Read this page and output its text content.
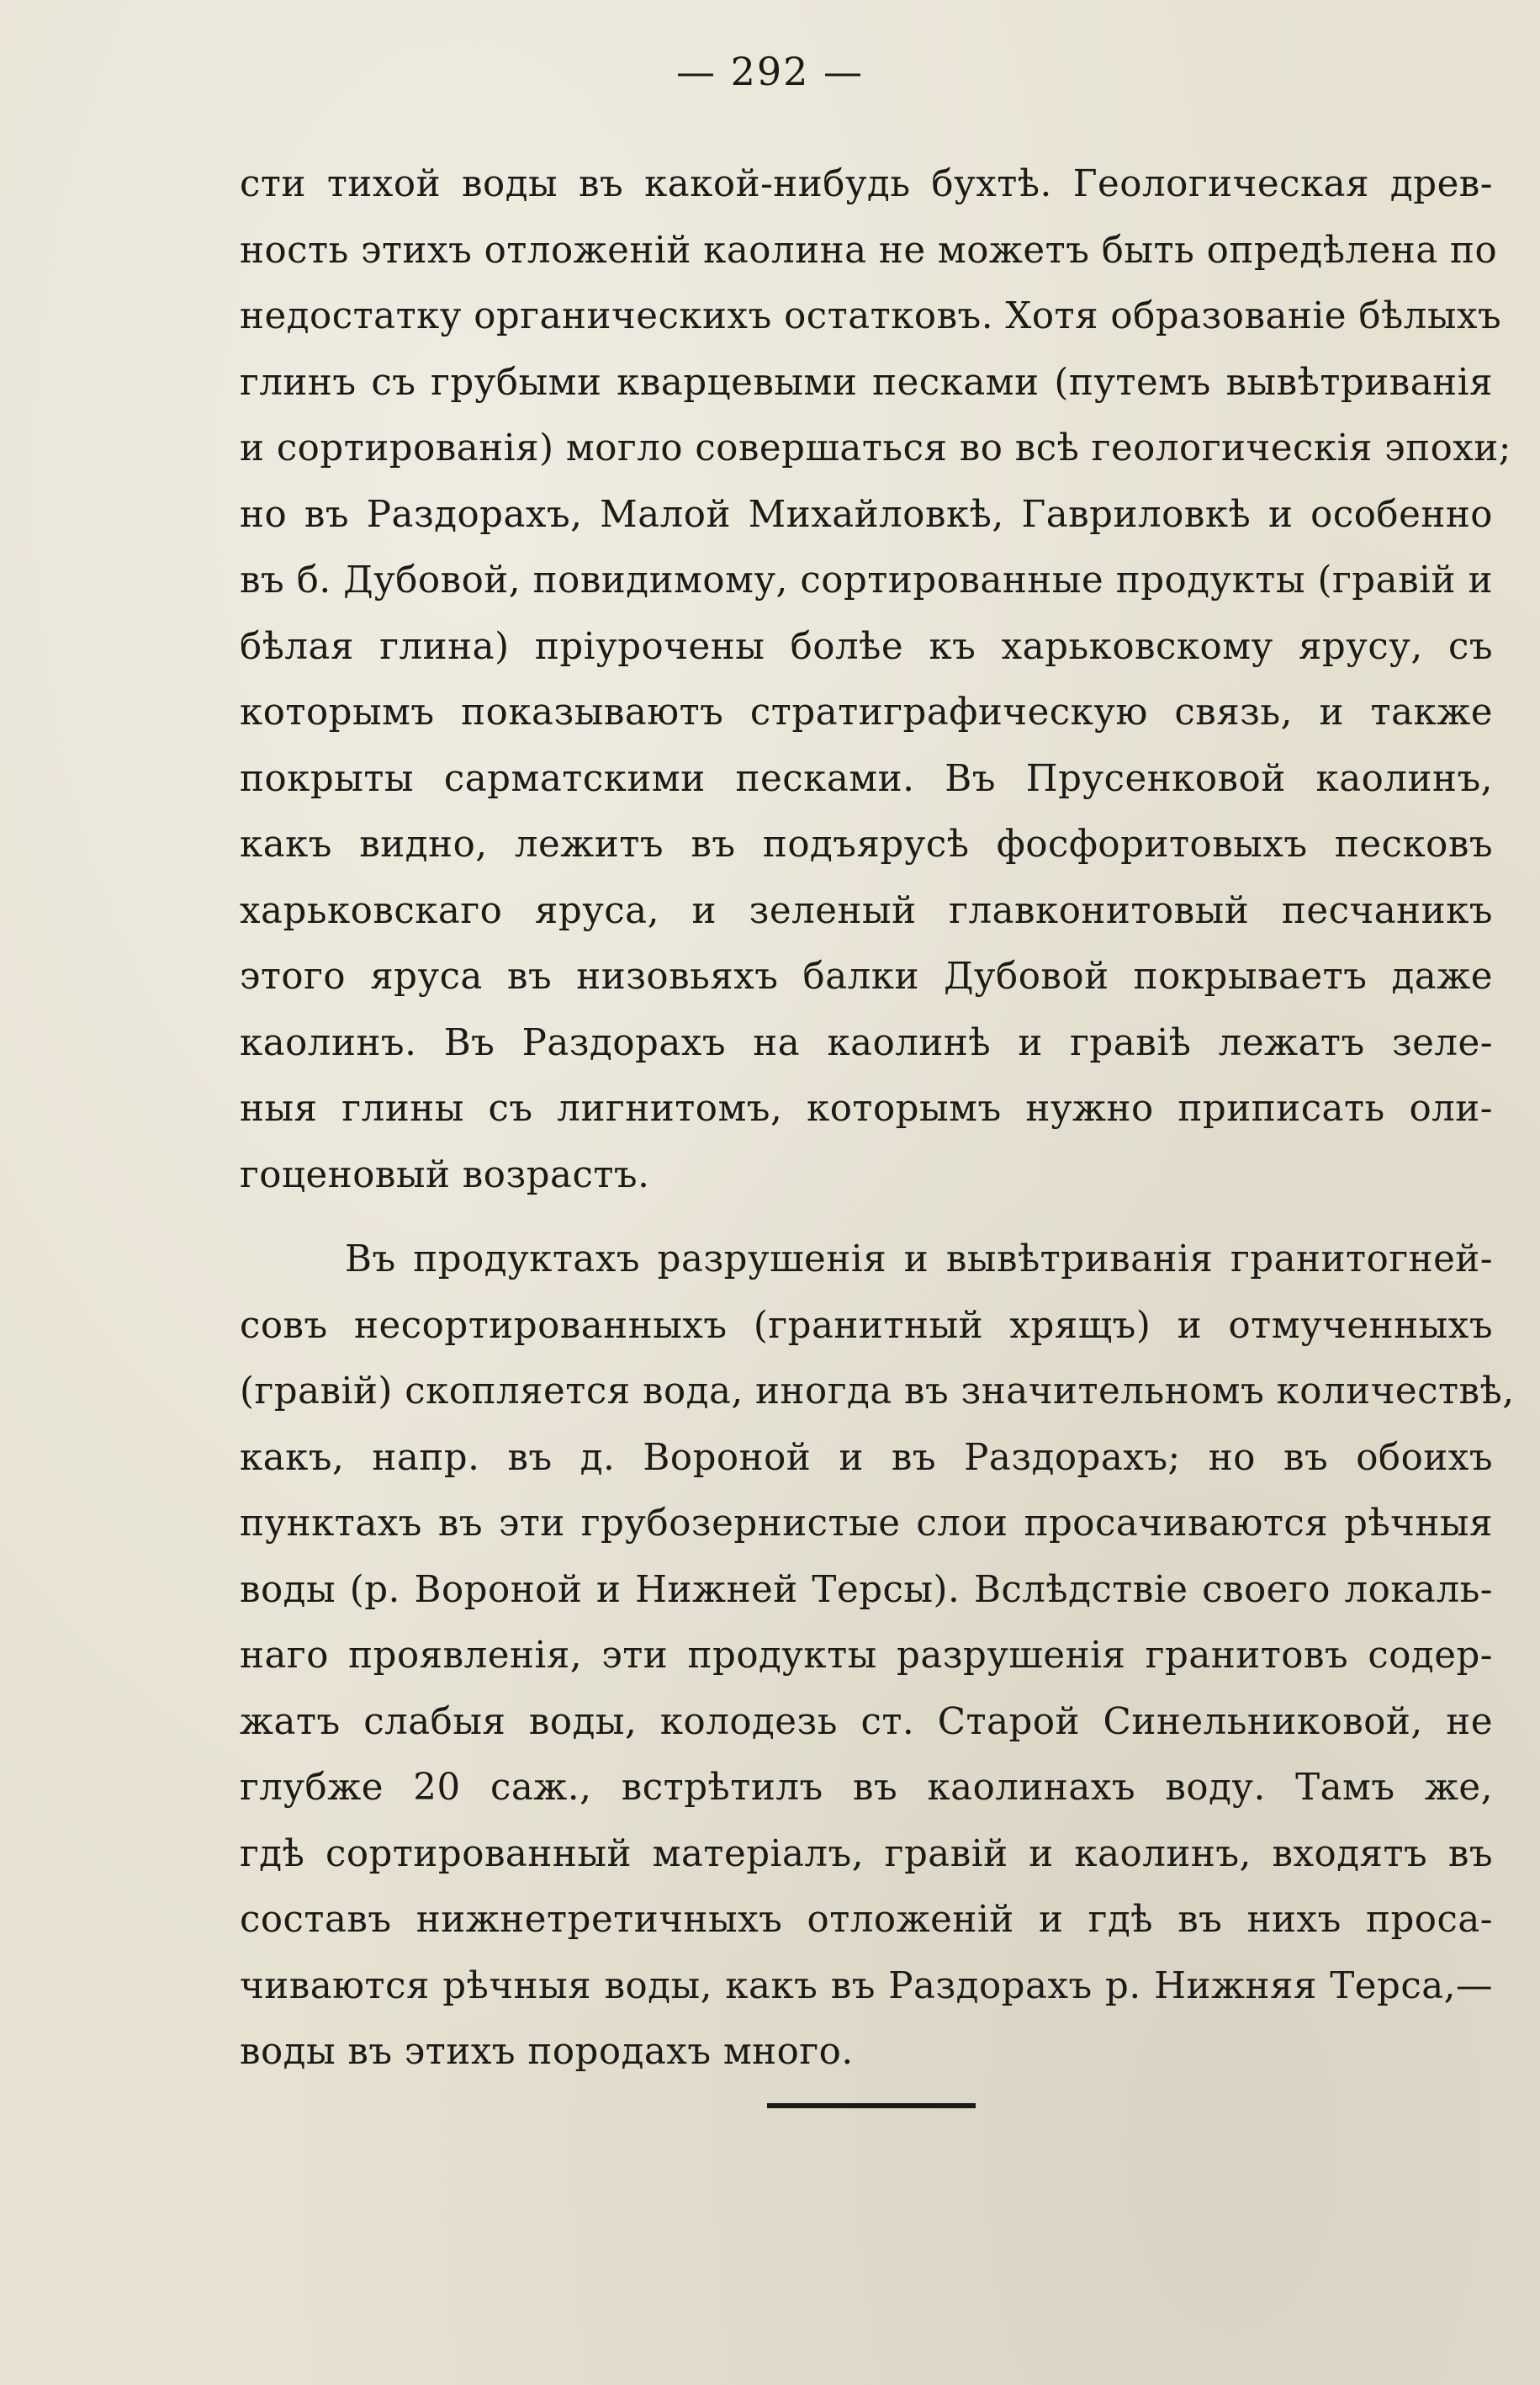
— 292 —
сти тихой воды въ какой-нибудь бухтѣ. Геологическая древ-
ность этихъ отложенiй каолина не можетъ быть опредѣлена по
недостатку органическихъ остатковъ. Хотя образованiе бѣлыхъ
глинъ съ грубыми кварцевыми песками (путемъ вывѣтриванiя
и сортированiя) могло совершаться во всѣ геологическiя эпохи;
но въ Раздорахъ, Малой Михайловкѣ, Гавриловкѣ и особенно
въ б. Дубовой, повидимому, сортированные продукты (гравiй и
бѣлая глина) прiурочены болѣе къ харьковскому ярусу, съ
которымъ показываютъ стратиграфическую связь, и также
покрыты сарматскими песками. Въ Прусенковой каолинъ,
какъ видно, лежитъ въ подъярусѣ фосфоритовыхъ песковъ
харьковскаго яруса, и зеленый главконитовый песчаникъ
этого яруса въ низовьяхъ балки Дубовой покрываетъ даже
каолинъ. Въ Раздорахъ на каолинѣ и гравiѣ лежатъ зеле-
ныя глины съ лигнитомъ, которымъ нужно приписать оли-
гоценовый возрастъ.
Въ продуктахъ разрушенiя и вывѣтриванiя гранитогней-
совъ несортированныхъ (гранитный хрящъ) и отмученныхъ
(гравiй) скопляется вода, иногда въ значительномъ количествѣ,
какъ, напр. въ д. Вороной и въ Раздорахъ; но въ обоихъ
пунктахъ въ эти грубозернистые слои просачиваются рѣчныя
воды (р. Вороной и Нижней Терсы). Вслѣдствiе своего локаль-
наго проявленiя, эти продукты разрушенiя гранитовъ содер-
жатъ слабыя воды, колодезь ст. Старой Синельниковой, не
глубже 20 саж., встрѣтилъ въ каолинахъ воду. Тамъ же,
гдѣ сортированный матерiалъ, гравiй и каолинъ, входятъ въ
составъ нижнетретичныхъ отложенiй и гдѣ въ нихъ проса-
чиваются рѣчныя воды, какъ въ Раздорахъ р. Нижняя Терса,—
воды въ этихъ породахъ много.
